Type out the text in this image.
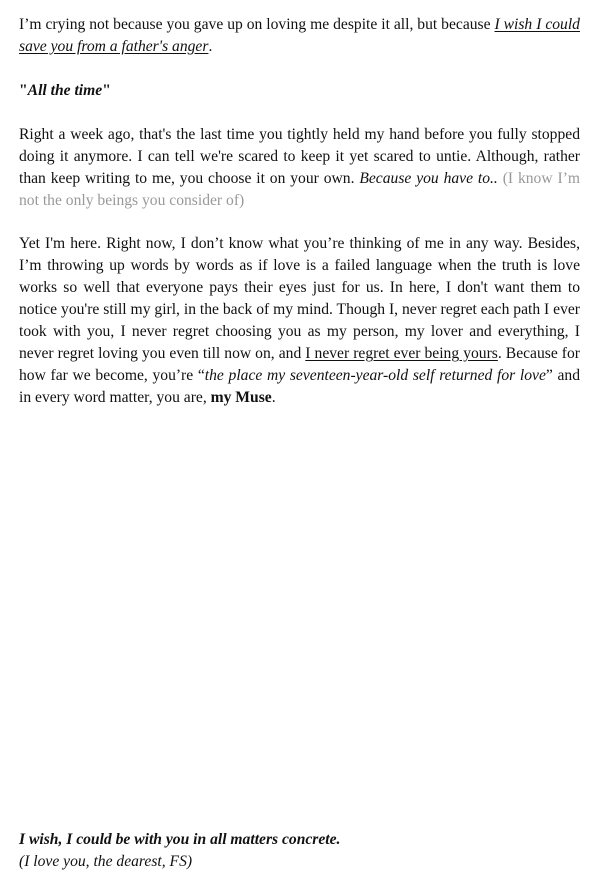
I’m crying not because you gave up on loving me despite it all, but because I wish I could save you from a father's anger.

"All the time"

Right a week ago, that's the last time you tightly held my hand before you fully stopped doing it anymore. I can tell we're scared to keep it yet scared to untie. Although, rather than keep writing to me, you choose it on your own. Because you have to.. (I know I’m not the only beings you consider of)

Yet I'm here. Right now, I don’t know what you’re thinking of me in any way. Besides, I’m throwing up words by words as if love is a failed language when the truth is love works so well that everyone pays their eyes just for us. In here, I don't want them to notice you're still my girl, in the back of my mind. Though I, never regret each path I ever took with you, I never regret choosing you as my person, my lover and everything, I never regret loving you even till now on, and I never regret ever being yours. Because for how far we become, you’re “the place my seventeen-year-old self returned for love” and in every word matter, you are, my Muse.

I wish, I could be with you in all matters concrete.

(I love you, the dearest, FS)
